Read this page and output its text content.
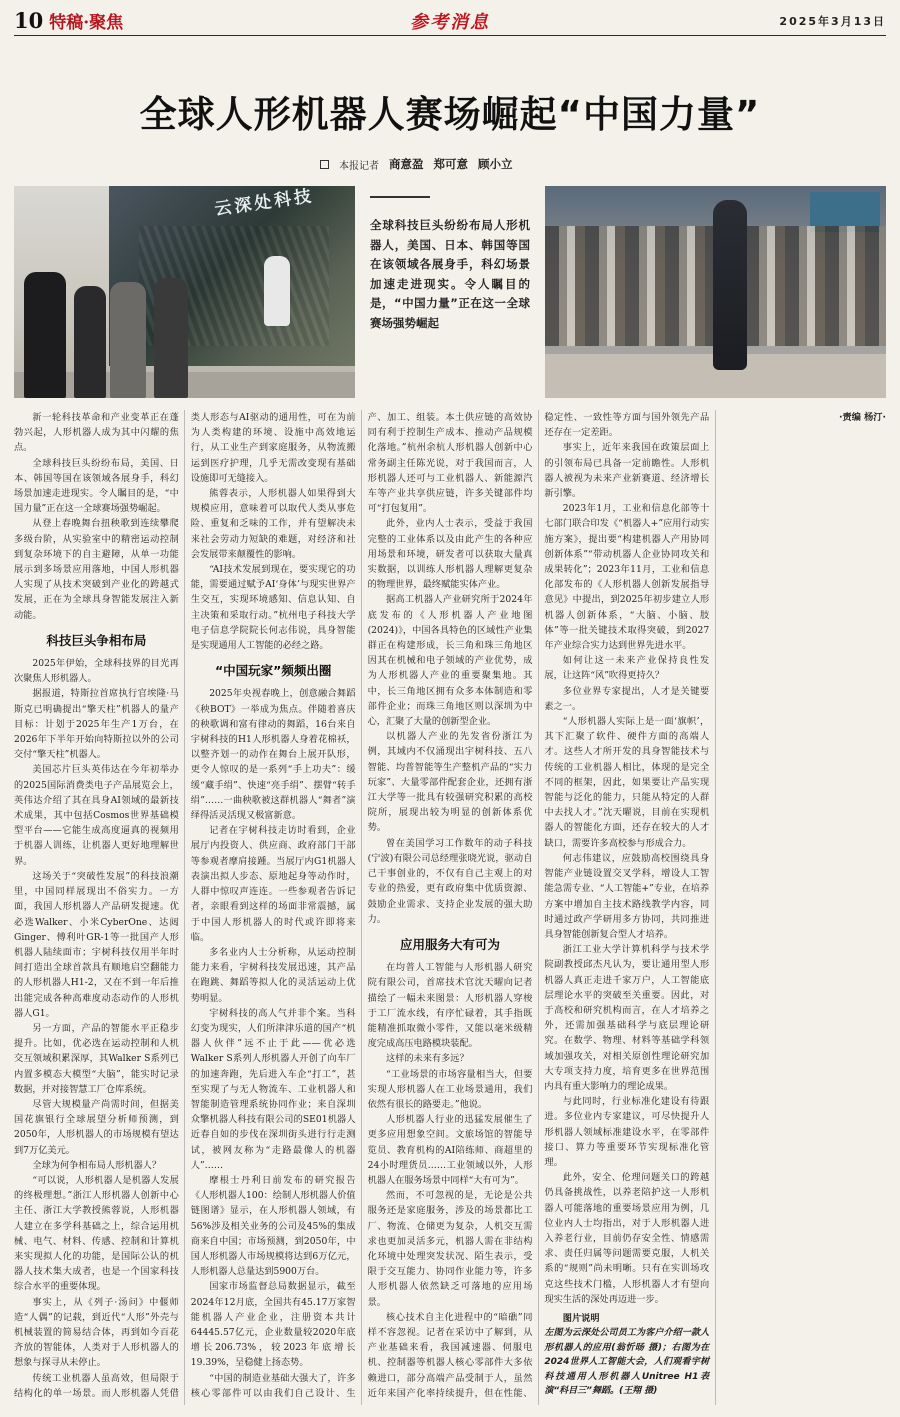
10 特稿·聚焦	参考消息	2025年3月13日
全球人形机器人赛场崛起“中国力量”
本报记者 商意盈 郑可意 顾小立
云深处科技
全球科技巨头纷纷布局人形机器人，美国、日本、韩国等国在该领域各展身手，科幻场景加速走进现实。令人瞩目的是，“中国力量”正在这一全球赛场强势崛起

新一轮科技革命和产业变革正在蓬勃兴起，人形机器人成为其中闪耀的焦点。

全球科技巨头纷纷布局，美国、日本、韩国等国在该领域各展身手，科幻场景加速走进现实。令人瞩目的是，“中国力量”正在这一全球赛场强势崛起。

从登上春晚舞台扭秧歌到连续攀爬多级台阶，从实验室中的精密运动控制到复杂环境下的自主避障，从单一功能展示到多场景应用落地，中国人形机器人实现了从技术突破到产业化的跨越式发展，正在为全球具身智能发展注入新动能。

科技巨头争相布局

2025年伊始，全球科技界的目光再次聚焦人形机器人。

据报道，特斯拉首席执行官埃隆·马斯克已明确提出“擎天柱”机器人的量产目标：计划于2025年生产1万台，在2026年下半年开始向特斯拉以外的公司交付“擎天柱”机器人。

美国芯片巨头英伟达在今年初举办的2025国际消费类电子产品展览会上，英伟达介绍了其在具身AI领域的最新技术成果，其中包括Cosmos世界基础模型平台——它能生成高度逼真的视频用于机器人训练，让机器人更好地理解世界。

这场关于“突破性发展”的科技浪潮里，中国同样展现出不俗实力。一方面，我国人形机器人产品研发提速。优必选Walker、小米CyberOne、达闼Ginger、傅利叶GR-1等一批国产人形机器人陆续面市；宇树科技仅用半年时间打造出全球首款具有顺地启空翻能力的人形机器人H1-2，又在不到一年后推出能完成各种高难度动态动作的人形机器人G1。

另一方面，产品的智能水平正稳步提升。比如，优必选在运动控制和人机交互领域积累深厚，其Walker S系列已内置多模态大模型“大脑”，能实时记录数据，并对接智慧工厂仓库系统。

尽管大规模量产尚需时间，但据美国花旗银行全球展望分析师预测，到2050年，人形机器人的市场规模有望达到7万亿美元。

全球为何争相布局人形机器人？

“可以说，人形机器人是机器人发展的终极理想。”浙江人形机器人创新中心主任、浙江大学教授熊蓉说，人形机器人建立在多学科基础之上，综合运用机械、电气、材料、传感、控制和计算机来实现拟人化的功能，是国际公认的机器人技术集大成者，也是一个国家科技综合水平的重要体现。

事实上，从《列子·汤问》中偃师造“人偶”的记载，到近代“人形”外壳与机械装置的简易结合体，再到如今百花齐放的智能体，人类对于人形机器人的想象与探寻从未停止。

传统工业机器人虽高效，但局限于结构化的单一场景。而人形机器人凭借类人形态与AI驱动的通用性，可在为前为人类构建的环境、设施中高效地运行，从工业生产到家庭服务，从物流搬运到医疗护理，几乎无需改变现有基础设施即可无缝接入。

熊蓉表示，人形机器人如果得到大规模应用，意味着可以取代人类从事危险、重复和乏味的工作，并有望解决未来社会劳动力短缺的难题，对经济和社会发展带来颠覆性的影响。

“AI技术发展到现在，要实现它的功能，需要通过赋予AI‘身体’与现实世界产生交互，实现环境感知、信息认知、自主决策和采取行动。”杭州电子科技大学电子信息学院院长何志伟说，具身智能是实现通用人工智能的必经之路。

“中国玩家”频频出圈

2025年央视春晚上，创意融合舞蹈《秧BOT》一举成为焦点。伴随着喜庆的秧歌调和富有律动的舞蹈，16台来自宇树科技的H1人形机器人身着花棉袄，以整齐划一的动作在舞台上展开队形，更令人惊叹的是一系列“手上功夫”：缓缓“藏手绢”、快速“亮手绢”、摆臂“转手绢”……一曲秧歌被这群机器人“舞者”演绎得活灵活现又极富新意。

记者在宇树科技走访时看到，企业展厅内投资人、供应商、政府部门干部等参观者摩肩接踵。当展厅内G1机器人表演出拟人步态、原地起身等动作时，人群中惊叹声连连。一些参观者告诉记者，亲眼看到这样的场面非常震撼，属于中国人形机器人的时代或许即将来临。

多名业内人士分析称，从运动控制能力来看，宇树科技发展迅速，其产品在跑跳、舞蹈等拟人化的灵活运动上优势明显。

宇树科技的高人气并非个案。当科幻变为现实，人们所津津乐道的国产“机器人伙伴”远不止于此——优必选Walker S系列人形机器人开创了向车厂的加速奔跑，先后进入车企“打工”，甚至实现了与无人物流车、工业机器人和智能制造管理系统协同作业；来自深圳众擎机器人科技有限公司的SE01机器人近春自如的步伐在深圳街头进行行走测试，被网友称为“走路最像人的机器人”……

摩根士丹利日前发布的研究报告《人形机器人100：绘制人形机器人价值链图谱》显示，在人形机器人领域，有56%涉及相关业务的公司及45%的集成商来自中国；市场预测，到2050年，中国人形机器人市场规模将达到6万亿元，人形机器人总量达到5900万台。

国家市场监督总局数据显示，截至2024年12月底，全国共有45.17万家智能机器人产业企业，注册资本共计64445.57亿元，企业数量较2020年底增长206.73%，较2023年底增长19.39%，呈稳健上扬态势。

“中国的制造业基础大强大了，许多核心零部件可以由我们自己设计、生产、加工、组装。本土供应链的高效协同有利于控制生产成本、推动产品规模化落地。”杭州余杭人形机器人创新中心常务副主任陈光说，对于我国而言，人形机器人还可与工业机器人、新能源汽车等产业共享供应链，许多关键部件均可“打包复用”。

此外，业内人士表示，受益于我国完整的工业体系以及由此产生的各种应用场景和环境，研发者可以获取大量真实数据，以训练人形机器人理解更复杂的物理世界，最终赋能实体产业。

据高工机器人产业研究所于2024年底发布的《人形机器人产业地图(2024)》，中国各具特色的区域性产业集群正在构建形成，长三角和珠三角地区因其在机械和电子领域的产业优势，成为人形机器人产业的重要聚集地。其中，长三角地区拥有众多本体制造和零部件企业；而珠三角地区则以深圳为中心，汇聚了大量的创新型企业。

以机器人产业的先发省份浙江为例，其域内不仅涌现出宇树科技、五八智能、均普智能等生产整机产品的“实力玩家”、大量零部件配套企业，还拥有浙江大学等一批具有较强研究积累的高校院所，展现出较为明显的创新体系优势。

曾在美国学习工作数年的动子科技(宁波)有限公司总经理张晓光说，驱动自己干事创业的，不仅有自己主观上的对专业的热爱，更有政府集中优质资源、鼓励企业需求、支持企业发展的强大助力。

应用服务大有可为

在均普人工智能与人形机器人研究院有限公司，首席技术官沈天曜向记者描绘了一幅未来图景：人形机器人穿梭于工厂流水线，有序忙碌着，其手指既能精准抓取微小零件，又能以毫米级精度完成高压电路模块装配。

这样的未来有多远？

“工业场景的市场容量相当大，但要实现人形机器人在工业场景通用，我们依然有很长的路要走。”他说。

人形机器人行业的迅猛发展催生了更多应用想象空间。文旅场馆的智能导览员、教育机构的AI陪练师、商超里的24小时理货员……工业领域以外，人形机器人在服务场景中同样“大有可为”。

然而，不可忽视的是，无论是公共服务还是家庭服务，涉及的场景都比工厂、物流、仓储更为复杂，人机交互需求也更加灵活多元，机器人需在非结构化环境中处理突发状况、陌生表示，受限于交互能力、协同作业能力等，许多人形机器人依然缺乏可落地的应用场景。

核心技术自主化进程中的“暗礁”同样不容忽视。记者在采访中了解到，从产业基础来看，我国减速器、伺服电机、控制器等机器人核心零部件大多依赖进口，部分高端产品受制于人，虽然近年来国产化率持续提升，但在性能、稳定性、一致性等方面与国外领先产品还存在一定差距。

事实上，近年来我国在政策层面上的引领布局已具备一定前瞻性。人形机器人被视为未来产业新赛道、经济增长新引擎。

2023年1月，工业和信息化部等十七部门联合印发《“机器人+”应用行动实施方案》，提出要“构建机器人产用协同创新体系”“带动机器人企业协同攻关和成果转化”；2023年11月，工业和信息化部发布的《人形机器人创新发展指导意见》中提出，到2025年初步建立人形机器人创新体系，“大脑、小脑、肢体”等一批关键技术取得突破，到2027年产业综合实力达到世界先进水平。

如何让这一未来产业保持良性发展，让这阵“风”吹得更持久？

多位业界专家提出，人才是关键要素之一。

“人形机器人实际上是一面‘旗帜’，其下汇聚了软件、硬件方面的高端人才。这些人才所开发的具身智能技术与传统的工业机器人相比，体现的是完全不同的框架，因此，如果要让产品实现智能与泛化的能力，只能从特定的人群中去找人才。”沈天曜说，目前在实现机器人的智能化方面，还存在较大的人才缺口，需要许多高校参与形成合力。

何志伟建议，应鼓励高校围绕具身智能产业链设置交叉学科，增设人工智能急需专业、“人工智能+”专业，在培养方案中增加自主技术路线教学内容，同时通过政产学研用多方协同，共同推进具身智能创新复合型人才培养。

浙江工业大学计算机科学与技术学院副教授邱杰凡认为，要让通用型人形机器人真正走进千家万户，人工智能底层理论水平的突破至关重要。因此，对于高校和研究机构而言，在人才培养之外，还需加强基础科学与底层理论研究。在数学、物理、材料等基础学科领域加强攻关，对相关原创性理论研究加大专项支持力度，培育更多在世界范围内具有重大影响力的理论成果。

与此同时，行业标准化建设有待跟进。多位业内专家建议，可尽快提升人形机器人领域标准建设水平，在零部件接口、算力等重要环节实现标准化管理。

此外，安全、伦理问题关口的跨越仍具备挑战性，以养老陪护这一人形机器人可能落地的重要场景应用为例，几位业内人士均指出，对于人形机器人进入养老行业，目前仍存安全性、情感需求、责任归属等问题需要克服，人机关系的“规则”尚未明晰。只有在实训场攻克这些技术门槛，人形机器人才有望向现实生活的深处再迈进一步。

图片说明

左图为云深处公司员工为客户介绍一款人形机器人的应用(翁忻旸 摄)；右图为在2024世界人工智能大会，人们观看宇树科技通用人形机器人Unitree H1表演“科目三”舞蹈。(王翔 摄)

·责编 杨汀·
